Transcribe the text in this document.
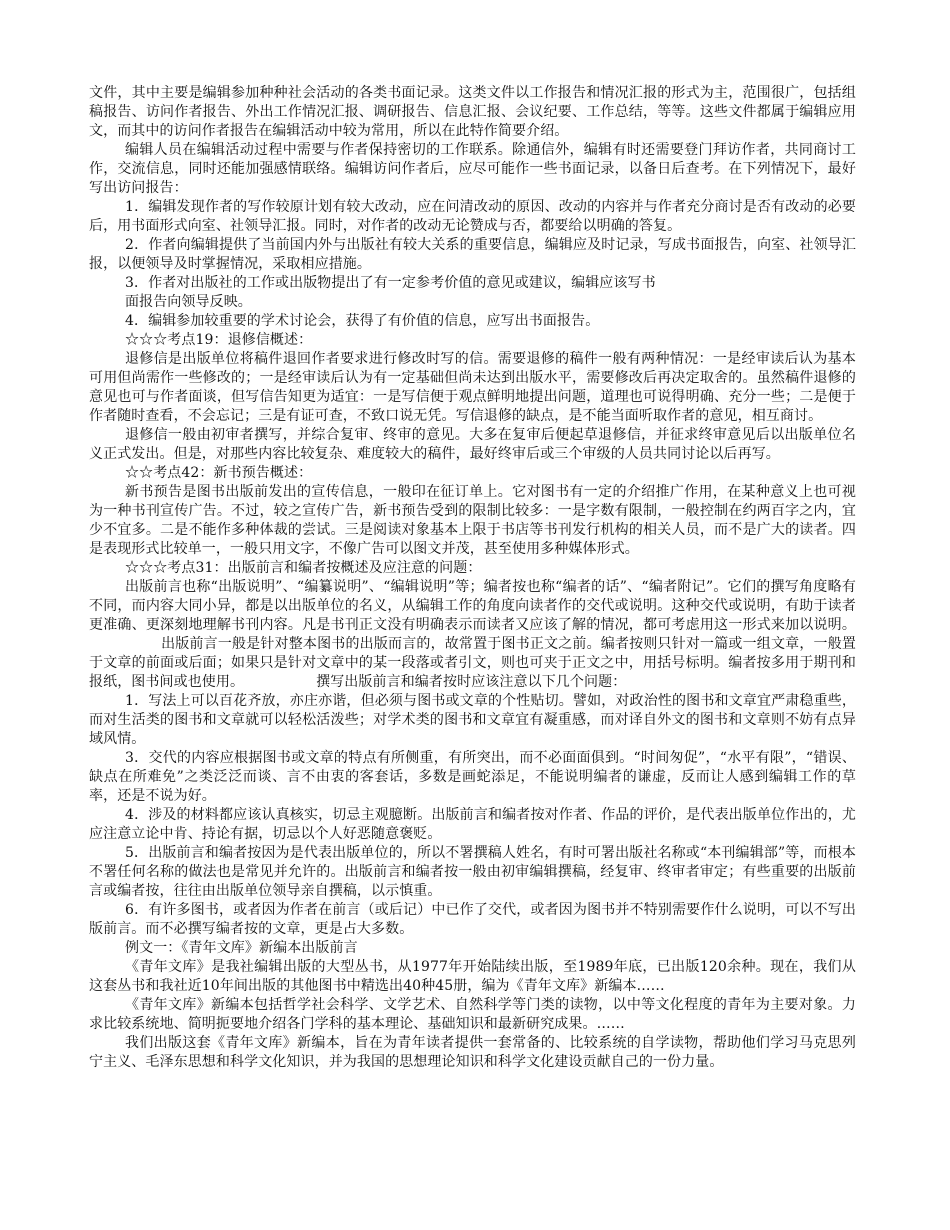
文件，其中主要是编辑参加种种社会活动的各类书面记录。这类文件以工作报告和情况汇报的形式为主，范围很广，包括组稿报告、访问作者报告、外出工作情况汇报、调研报告、信息汇报、会议纪要、工作总结，等等。这些文件都属于编辑应用文，而其中的访问作者报告在编辑活动中较为常用，所以在此特作简要介绍。

编辑人员在编辑活动过程中需要与作者保持密切的工作联系。除通信外，编辑有时还需要登门拜访作者，共同商讨工作，交流信息，同时还能加强感情联络。编辑访问作者后，应尽可能作一些书面记录，以备日后查考。在下列情况下，最好写出访问报告：

1．编辑发现作者的写作较原计划有较大改动，应在问清改动的原因、改动的内容并与作者充分商讨是否有改动的必要后，用书面形式向室、社领导汇报。同时，对作者的改动无论赞成与否，都要给以明确的答复。

2．作者向编辑提供了当前国内外与出版社有较大关系的重要信息，编辑应及时记录，写成书面报告，向室、社领导汇报，以便领导及时掌握情况，采取相应措施。

3．作者对出版社的工作或出版物提出了有一定参考价值的意见或建议，编辑应该写书

面报告向领导反映。

4．编辑参加较重要的学术讨论会，获得了有价值的信息，应写出书面报告。

☆☆☆考点19：退修信概述：

退修信是出版单位将稿件退回作者要求进行修改时写的信。需要退修的稿件一般有两种情况：一是经审读后认为基本可用但尚需作一些修改的；一是经审读后认为有一定基础但尚未达到出版水平，需要修改后再决定取舍的。虽然稿件退修的意见也可与作者面谈，但写信告知更为适宜：一是写信便于观点鲜明地提出问题，道理也可说得明确、充分一些；二是便于作者随时查看，不会忘记；三是有证可查，不致口说无凭。写信退修的缺点，是不能当面听取作者的意见，相互商讨。

退修信一般由初审者撰写，并综合复审、终审的意见。大多在复审后便起草退修信，并征求终审意见后以出版单位名义正式发出。但是，对那些内容比较复杂、难度较大的稿件，最好终审后或三个审级的人员共同讨论以后再写。

☆☆考点42：新书预告概述：

新书预告是图书出版前发出的宣传信息，一般印在征订单上。它对图书有一定的介绍推广作用，在某种意义上也可视为一种书刊宣传广告。不过，较之宣传广告，新书预告受到的限制比较多：一是字数有限制，一般控制在约两百字之内，宜少不宜多。二是不能作多种体裁的尝试。三是阅读对象基本上限于书店等书刊发行机构的相关人员，而不是广大的读者。四是表现形式比较单一，一般只用文字，不像广告可以图文并茂，甚至使用多种媒体形式。

☆☆☆考点31：出版前言和编者按概述及应注意的问题：

出版前言也称“出版说明”、“编纂说明”、“编辑说明”等；编者按也称“编者的话”、“编者附记”。它们的撰写角度略有不同，而内容大同小异，都是以出版单位的名义，从编辑工作的角度向读者作的交代或说明。这种交代或说明，有助于读者更准确、更深刻地理解书刊内容。凡是书刊正文没有明确表示而读者又应该了解的情况，都可考虑用这一形式来加以说明。出版前言一般是针对整本图书的出版而言的，故常置于图书正文之前。编者按则只针对一篇或一组文章，一般置于文章的前面或后面；如果只是针对文章中的某一段落或者引文，则也可夹于正文之中，用括号标明。编者按多用于期刊和报纸，图书间或也使用。	撰写出版前言和编者按时应该注意以下几个问题：

1．写法上可以百花齐放，亦庄亦谐，但必须与图书或文章的个性贴切。譬如，对政治性的图书和文章宜严肃稳重些，而对生活类的图书和文章就可以轻松活泼些；对学术类的图书和文章宜有凝重感，而对译自外文的图书和文章则不妨有点异域风情。

3．交代的内容应根据图书或文章的特点有所侧重，有所突出，而不必面面俱到。“时间匆促”，“水平有限”，“错误、缺点在所难免”之类泛泛而谈、言不由衷的客套话，多数是画蛇添足，不能说明编者的谦虚，反而让人感到编辑工作的草率，还是不说为好。

4．涉及的材料都应该认真核实，切忌主观臆断。出版前言和编者按对作者、作品的评价，是代表出版单位作出的，尤应注意立论中肯、持论有据，切忌以个人好恶随意褒贬。

5．出版前言和编者按因为是代表出版单位的，所以不署撰稿人姓名，有时可署出版社名称或“本刊编辑部”等，而根本不署任何名称的做法也是常见并允许的。出版前言和编者按一般由初审编辑撰稿，经复审、终审者审定；有些重要的出版前言或编者按，往往由出版单位领导亲自撰稿，以示慎重。

6．有许多图书，或者因为作者在前言（或后记）中已作了交代，或者因为图书并不特别需要作什么说明，可以不写出版前言。而不必撰写编者按的文章，更是占大多数。

例文一：《青年文库》新编本出版前言

《青年文库》是我社编辑出版的大型丛书，从1977年开始陆续出版，至1989年底，已出版120余种。现在，我们从这套丛书和我社近10年间出版的其他图书中精选出40种45册，编为《青年文库》新编本……

《青年文库》新编本包括哲学社会科学、文学艺术、自然科学等门类的读物，以中等文化程度的青年为主要对象。力求比较系统地、简明扼要地介绍各门学科的基本理论、基础知识和最新研究成果。……

我们出版这套《青年文库》新编本，旨在为青年读者提供一套常备的、比较系统的自学读物，帮助他们学习马克思列宁主义、毛泽东思想和科学文化知识，并为我国的思想理论知识和科学文化建设贡献自己的一份力量。
